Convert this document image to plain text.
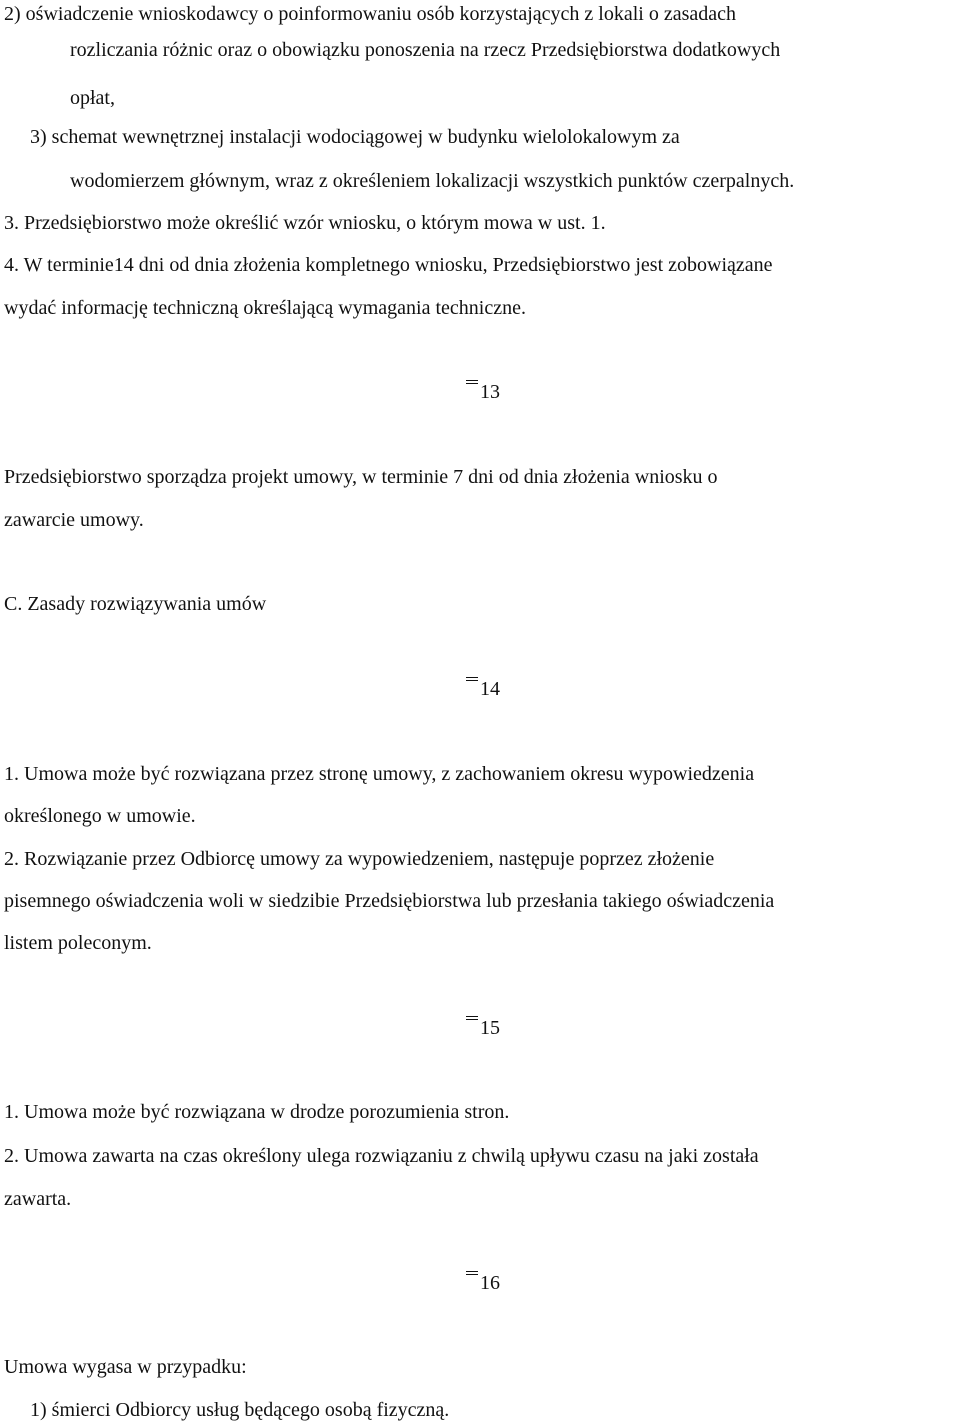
2) oświadczenie wnioskodawcy o poinformowaniu osób korzystających z lokali o zasadach
rozliczania różnic oraz o obowiązku ponoszenia na rzecz Przedsiębiorstwa dodatkowych
opłat,
3) schemat wewnętrznej instalacji wodociągowej w budynku wielolokalowym za
wodomierzem głównym, wraz z określeniem lokalizacji wszystkich punktów czerpalnych.
3. Przedsiębiorstwo może określić wzór wniosku, o którym mowa w ust. 1.
4. W terminie14 dni od dnia złożenia kompletnego wniosku, Przedsiębiorstwo jest zobowiązane
wydać informację techniczną określającą wymagania techniczne.
13
Przedsiębiorstwo sporządza projekt umowy, w terminie 7 dni od dnia złożenia wniosku o
zawarcie umowy.
C. Zasady rozwiązywania umów
14
1. Umowa może być rozwiązana przez stronę umowy, z zachowaniem okresu wypowiedzenia
określonego w umowie.
2. Rozwiązanie przez Odbiorcę umowy za wypowiedzeniem, następuje poprzez złożenie
pisemnego oświadczenia woli w siedzibie Przedsiębiorstwa lub przesłania takiego oświadczenia
listem poleconym.
15
1. Umowa może być rozwiązana w drodze porozumienia stron.
2. Umowa zawarta na czas określony ulega rozwiązaniu z chwilą upływu czasu na jaki została
zawarta.
16
Umowa wygasa w przypadku:
1) śmierci Odbiorcy usług będącego osobą fizyczną.
